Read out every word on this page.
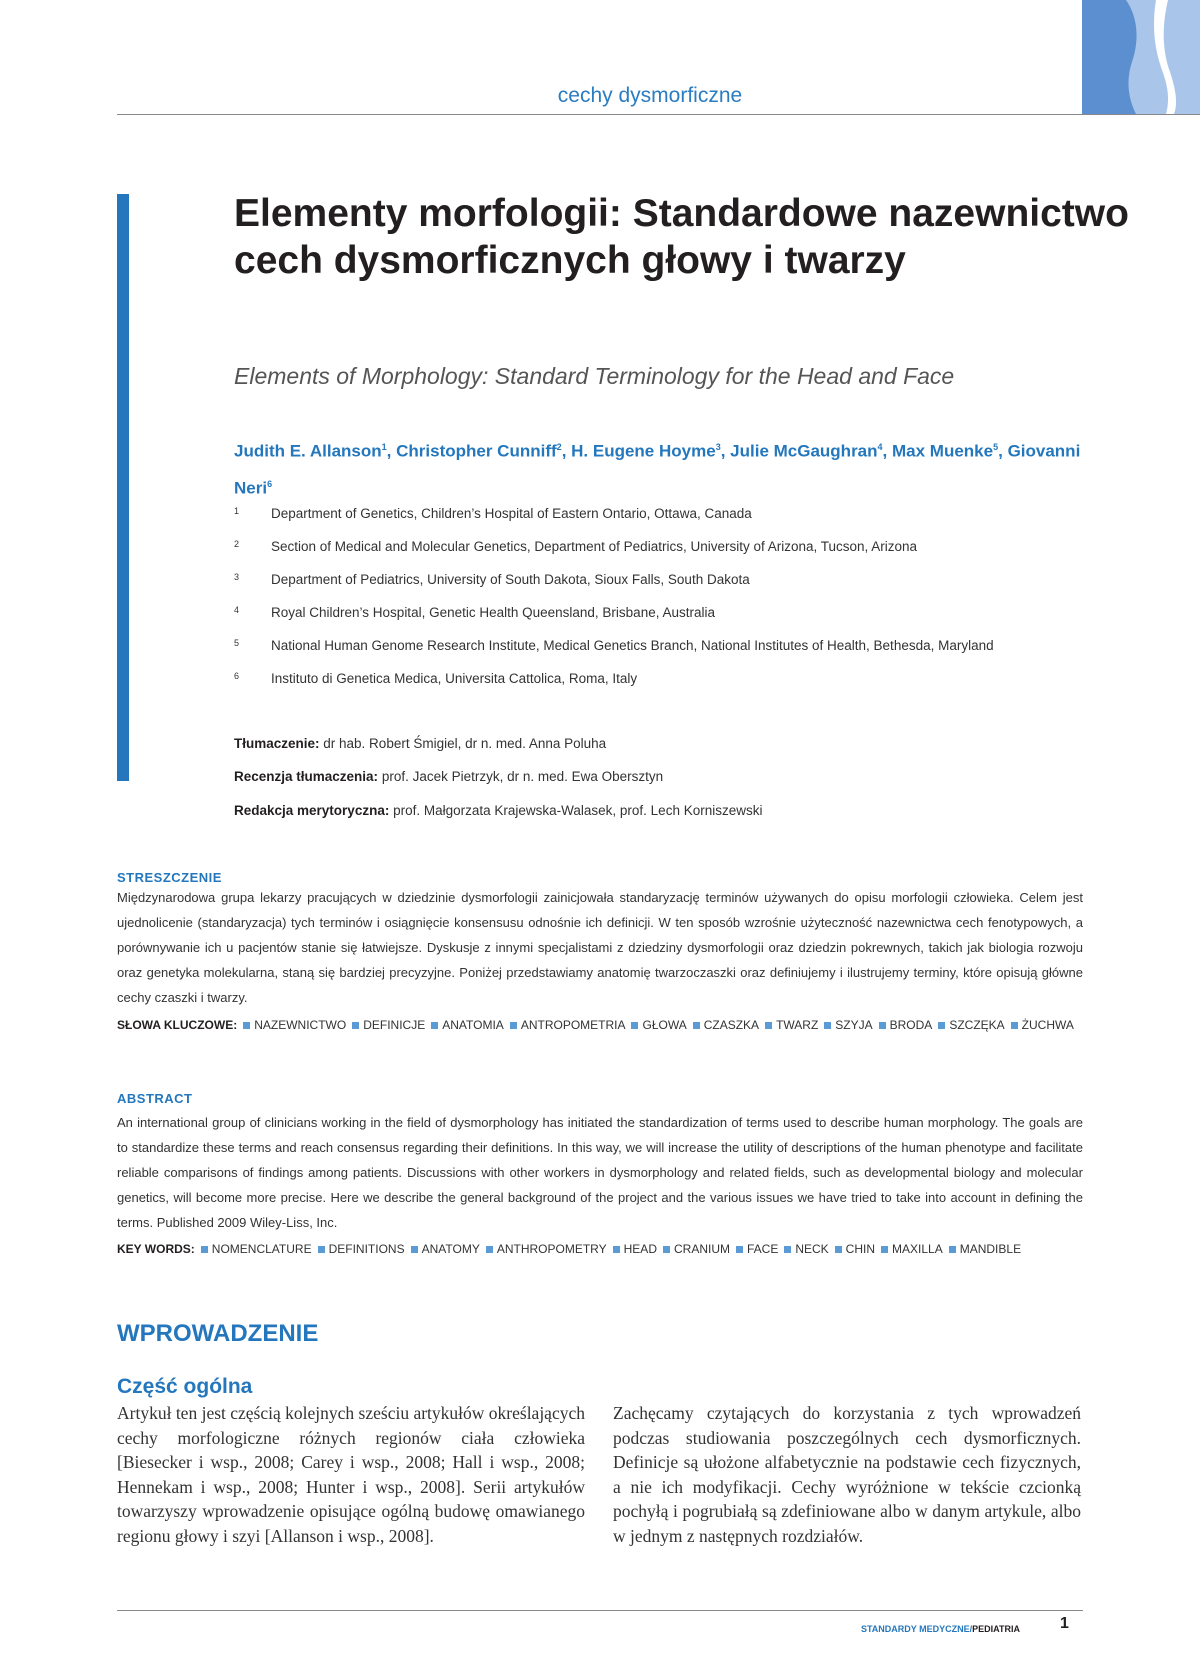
cechy dysmorficzne
Elementy morfologii: Standardowe nazewnictwo cech dysmorficznych głowy i twarzy
Elements of Morphology: Standard Terminology for the Head and Face
Judith E. Allanson$^1$, Christopher Cunniff$^2$, H. Eugene Hoyme$^3$, Julie McGaughran$^4$, Max Muenke$^5$, Giovanni Neri$^6$
1 Department of Genetics, Children’s Hospital of Eastern Ontario, Ottawa, Canada
2 Section of Medical and Molecular Genetics, Department of Pediatrics, University of Arizona, Tucson, Arizona
3 Department of Pediatrics, University of South Dakota, Sioux Falls, South Dakota
4 Royal Children’s Hospital, Genetic Health Queensland, Brisbane, Australia
5 National Human Genome Research Institute, Medical Genetics Branch, National Institutes of Health, Bethesda, Maryland
6 Instituto di Genetica Medica, Universita Cattolica, Roma, Italy
Tłumaczenie: dr hab. Robert Śmigiel, dr n. med. Anna Poluha
Recenzja tłumaczenia: prof. Jacek Pietrzyk, dr n. med. Ewa Obersztyn
Redakcja merytoryczna: prof. Małgorzata Krajewska-Walasek, prof. Lech Korniszewski
STRESZCZENIE
Międzynarodowa grupa lekarzy pracujących w dziedzinie dysmorfologii zainicjowała standaryzację terminów używanych do opisu morfologii człowieka. Celem jest ujednolicenie (standaryzacja) tych terminów i osiągnięcie konsensusu odnośnie ich definicji. W ten sposób wzrośnie użyteczność nazewnictwa cech fenotypowych, a porównywanie ich u pacjentów stanie się łatwiejsze. Dyskusje z innymi specjalistami z dziedziny dysmorfologii oraz dziedzin pokrewnych, takich jak biologia rozwoju oraz genetyka molekularna, staną się bardziej precyzyjne. Poniżej przedstawiamy anatomię twarzoczaszki oraz definiujemy i ilustrujemy terminy, które opisują główne cechy czaszki i twarzy.
SŁOWA KLUCZOWE: NAZEWNICTWO DEFINICJE ANATOMIA ANTROPOMETRIA GŁOWA CZASZKA TWARZ SZYJA BRODA SZCZĘKA ŻUCHWA
ABSTRACT
An international group of clinicians working in the field of dysmorphology has initiated the standardization of terms used to describe human morphology. The goals are to standardize these terms and reach consensus regarding their definitions. In this way, we will increase the utility of descriptions of the human phenotype and facilitate reliable comparisons of findings among patients. Discussions with other workers in dysmorphology and related fields, such as developmental biology and molecular genetics, will become more precise. Here we describe the general background of the project and the various issues we have tried to take into account in defining the terms. Published 2009 Wiley-Liss, Inc.
KEY WORDS: NOMENCLATURE DEFINITIONS ANATOMY ANTHROPOMETRY HEAD CRANIUM FACE NECK CHIN MAXILLA MANDIBLE
WPROWADZENIE
Część ogólna
Artykuł ten jest częścią kolejnych sześciu artykułów określających cechy morfologiczne różnych regionów ciała człowieka [Biesecker i wsp., 2008; Carey i wsp., 2008; Hall i wsp., 2008; Hennekam i wsp., 2008; Hunter i wsp., 2008]. Serii artykułów towarzyszy wprowadzenie opisujące ogólną budowę omawianego regionu głowy i szyi [Allanson i wsp., 2008].
Zachęcamy czytających do korzystania z tych wprowadzeń podczas studiowania poszczególnych cech dysmorficznych. Definicje są ułożone alfabetycznie na podstawie cech fizycznych, a nie ich modyfikacji. Cechy wyróżnione w tekście czcionką pochyłą i pogrubiałą są zdefiniowane albo w danym artykule, albo w jednym z następnych rozdziałów.
STANDARDY MEDYCZNE/PEDIATRIA	1
